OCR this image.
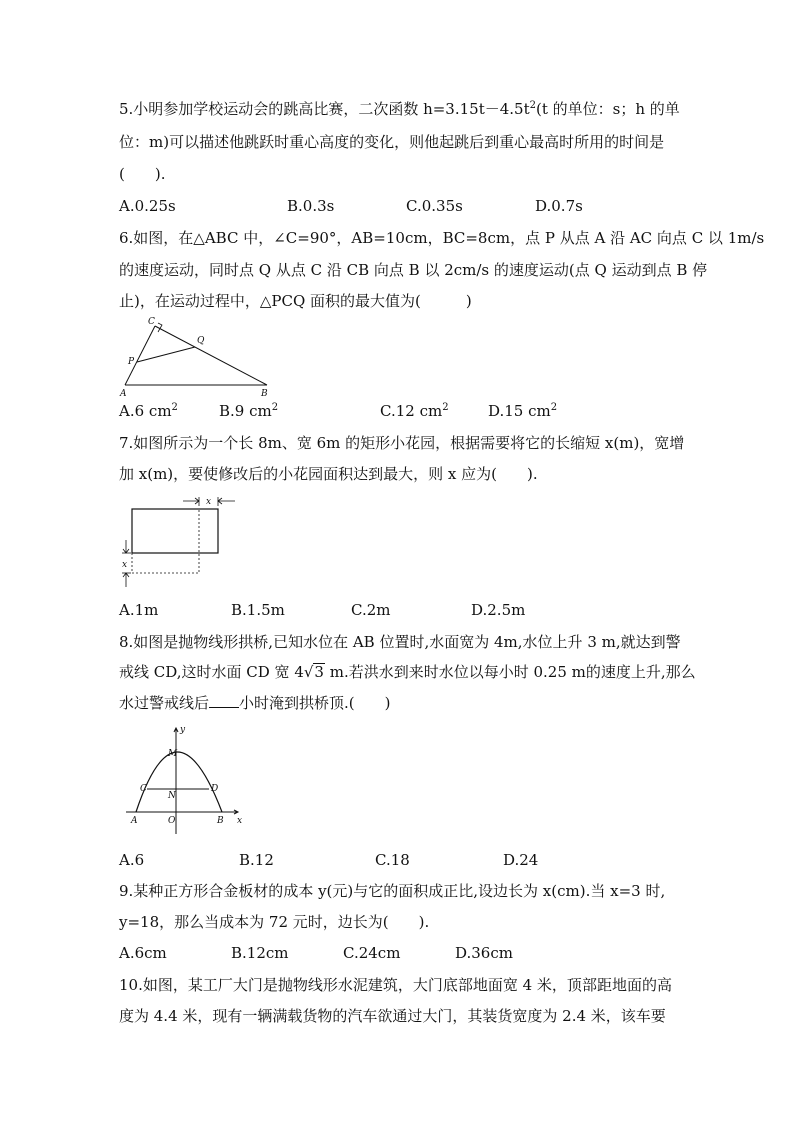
5.小明参加学校运动会的跳高比赛，二次函数 $h=3.15t-4.5t^2(t$ 的单位：s；h 的单
位：m)可以描述他跳跃时重心高度的变化，则他起跳后到重心最高时所用的时间是
(　　).
A.0.25s	B.0.3s	C.0.35s	D.0.7s
6.如图，在△ABC 中，∠C=90°，AB=10cm，BC=8cm，点 P 从点 A 沿 AC 向点 C 以 1m/s
的速度运动，同时点 Q 从点 C 沿 CB 向点 B 以 2cm/s 的速度运动(点 Q 运动到点 B 停
止)，在运动过程中，△PCQ 面积的最大值为(　　　)
C
Q
P
A	B
A.6 $cm^2$	B.9 $cm^2$	C.12 $cm^2$	D.15 $cm^2$
7.如图所示为一个长 8m、宽 6m 的矩形小花园，根据需要将它的长缩短 x(m)，宽增
加 x(m)，要使修改后的小花园面积达到最大，则 x 应为(　　).
x
x
A.1m	B.1.5m	C.2m	D.2.5m
8.如图是抛物线形拱桥,已知水位在 AB 位置时,水面宽为 4m,水位上升 3 m,就达到警
戒线 CD,这时水面 CD 宽 4√3 m.若洪水到来时水位以每小时 0.25 m的速度上升,那么
水过警戒线后 小时淹到拱桥顶.(　　)
y
M
C	D
N
A	O	B x
A.6	B.12	C.18	D.24
9.某种正方形合金板材的成本 y(元)与它的面积成正比,设边长为 x(cm).当 x=3 时,
y=18，那么当成本为 72 元时，边长为(　　).
A.6cm	B.12cm	C.24cm	D.36cm
10.如图，某工厂大门是抛物线形水泥建筑，大门底部地面宽 4 米，顶部距地面的高
度为 4.4 米，现有一辆满载货物的汽车欲通过大门，其装货宽度为 2.4 米，该车要
